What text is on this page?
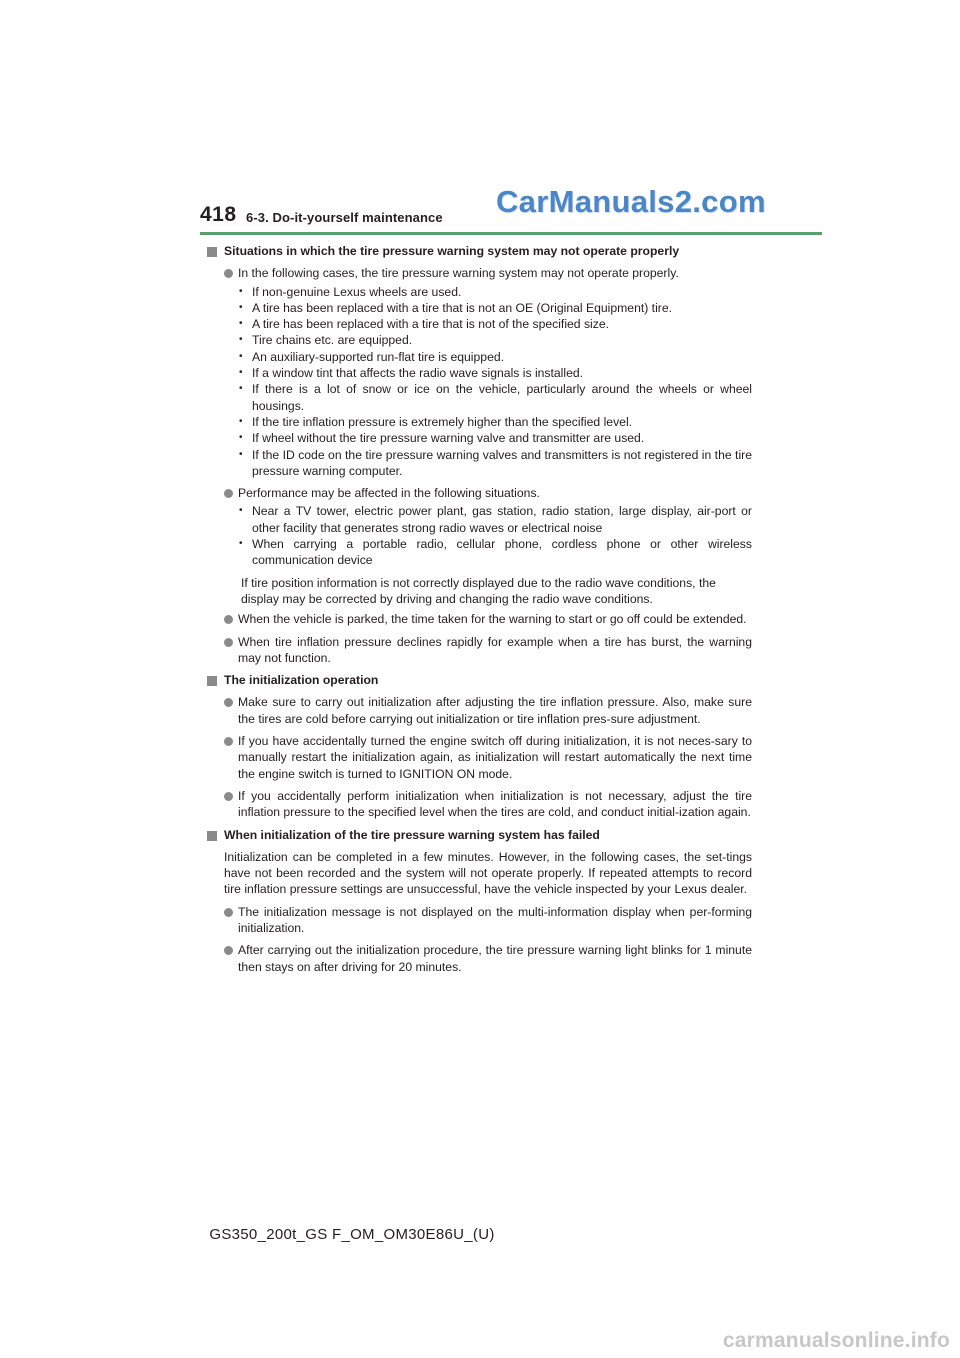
418 6-3. Do-it-yourself maintenance CarManuals2.com
Situations in which the tire pressure warning system may not operate properly
In the following cases, the tire pressure warning system may not operate properly.
• If non-genuine Lexus wheels are used.
• A tire has been replaced with a tire that is not an OE (Original Equipment) tire.
• A tire has been replaced with a tire that is not of the specified size.
• Tire chains etc. are equipped.
• An auxiliary-supported run-flat tire is equipped.
• If a window tint that affects the radio wave signals is installed.
• If there is a lot of snow or ice on the vehicle, particularly around the wheels or wheel housings.
• If the tire inflation pressure is extremely higher than the specified level.
• If wheel without the tire pressure warning valve and transmitter are used.
• If the ID code on the tire pressure warning valves and transmitters is not registered in the tire pressure warning computer.
Performance may be affected in the following situations.
• Near a TV tower, electric power plant, gas station, radio station, large display, air-port or other facility that generates strong radio waves or electrical noise
• When carrying a portable radio, cellular phone, cordless phone or other wireless communication device
If tire position information is not correctly displayed due to the radio wave conditions, the display may be corrected by driving and changing the radio wave conditions.
When the vehicle is parked, the time taken for the warning to start or go off could be extended.
When tire inflation pressure declines rapidly for example when a tire has burst, the warning may not function.
The initialization operation
Make sure to carry out initialization after adjusting the tire inflation pressure. Also, make sure the tires are cold before carrying out initialization or tire inflation pres-sure adjustment.
If you have accidentally turned the engine switch off during initialization, it is not neces-sary to manually restart the initialization again, as initialization will restart automatically the next time the engine switch is turned to IGNITION ON mode.
If you accidentally perform initialization when initialization is not necessary, adjust the tire inflation pressure to the specified level when the tires are cold, and conduct initial-ization again.
When initialization of the tire pressure warning system has failed
Initialization can be completed in a few minutes. However, in the following cases, the set-tings have not been recorded and the system will not operate properly. If repeated attempts to record tire inflation pressure settings are unsuccessful, have the vehicle inspected by your Lexus dealer.
The initialization message is not displayed on the multi-information display when per-forming initialization.
After carrying out the initialization procedure, the tire pressure warning light blinks for 1 minute then stays on after driving for 20 minutes.
GS350_200t_GS F_OM_OM30E86U_(U)
carmanualsonline.info
